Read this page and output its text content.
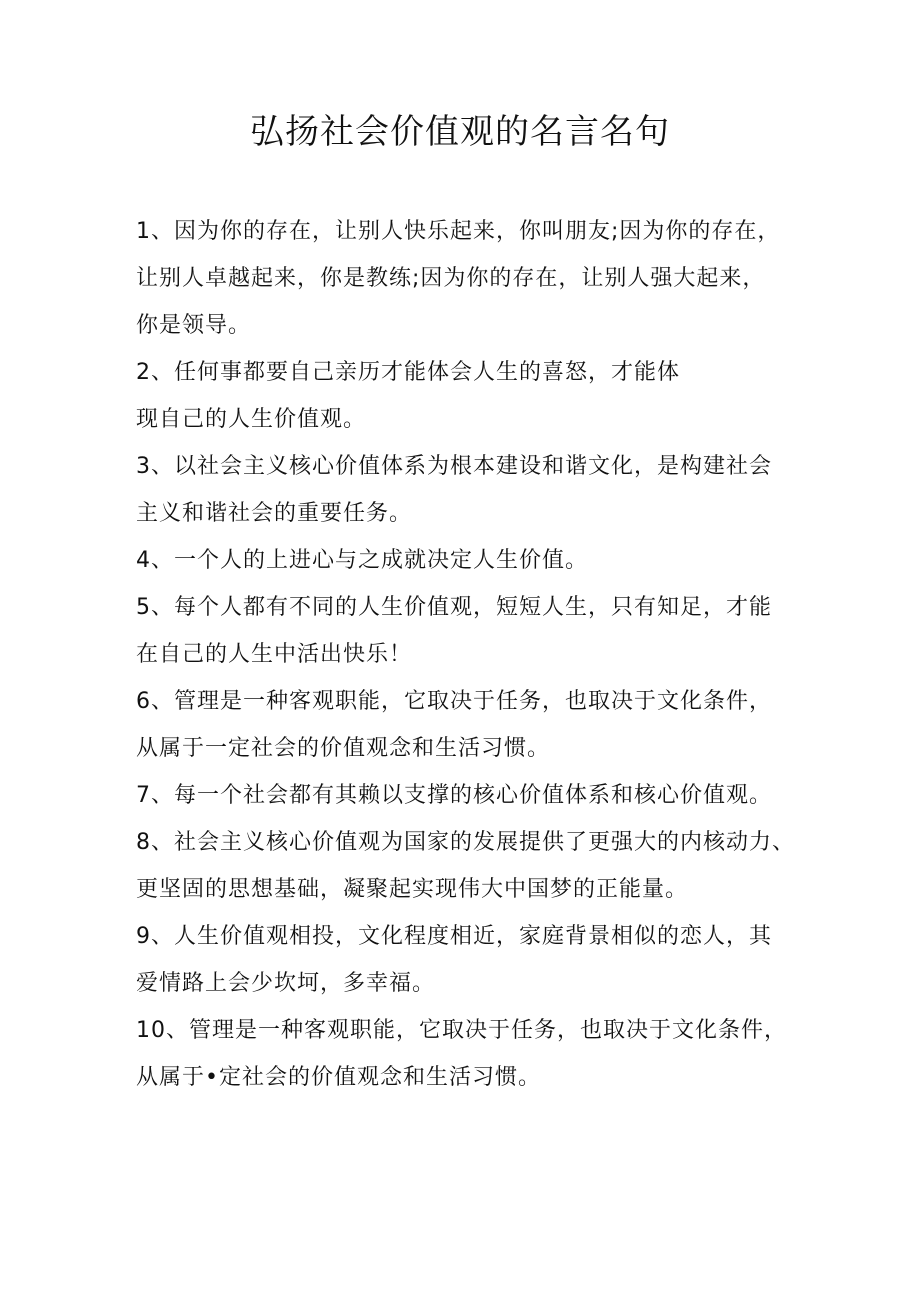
弘扬社会价值观的名言名句
1、因为你的存在，让别人快乐起来，你叫朋友;因为你的存在，
让别人卓越起来，你是教练;因为你的存在，让别人强大起来，
你是领导。
2、任何事都要自己亲历才能体会人生的喜怒，才能体
现自己的人生价值观。
3、以社会主义核心价值体系为根本建设和谐文化，是构建社会
主义和谐社会的重要任务。
4、一个人的上进心与之成就决定人生价值。
5、每个人都有不同的人生价值观，短短人生，只有知足，才能
在自己的人生中活出快乐！
6、管理是一种客观职能，它取决于任务，也取决于文化条件，
从属于一定社会的价值观念和生活习惯。
7、每一个社会都有其赖以支撑的核心价值体系和核心价值观。
8、社会主义核心价值观为国家的发展提供了更强大的内核动力、
更坚固的思想基础，凝聚起实现伟大中国梦的正能量。
9、人生价值观相投，文化程度相近，家庭背景相似的恋人，其
爱情路上会少坎坷，多幸福。
10、管理是一种客观职能，它取决于任务，也取决于文化条件，
从属于•定社会的价值观念和生活习惯。
